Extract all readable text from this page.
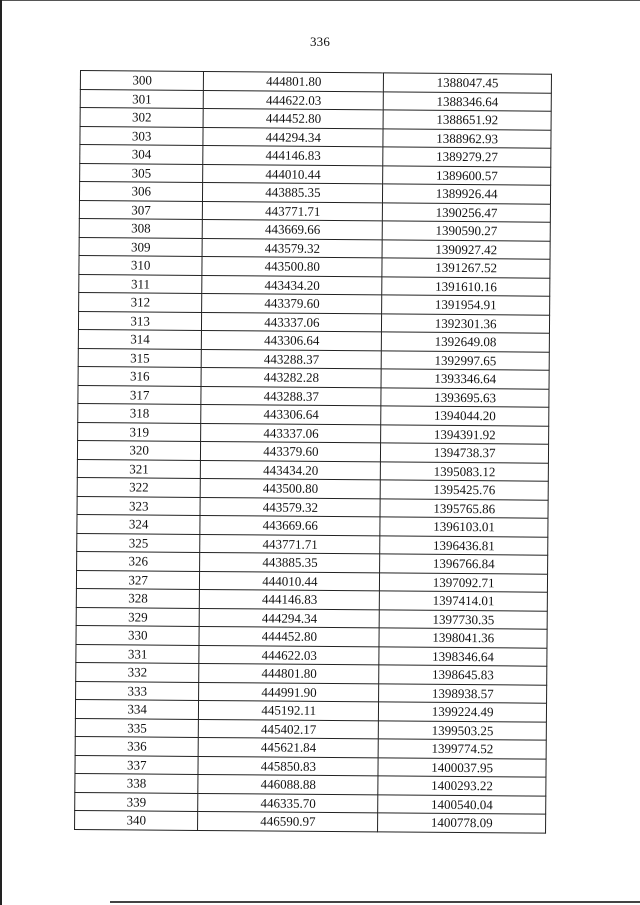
336
300	444801.80	1388047.45
301	444622.03	1388346.64
302	444452.80	1388651.92
303	444294.34	1388962.93
304	444146.83	1389279.27
305	444010.44	1389600.57
306	443885.35	1389926.44
307	443771.71	1390256.47
308	443669.66	1390590.27
309	443579.32	1390927.42
310	443500.80	1391267.52
311	443434.20	1391610.16
312	443379.60	1391954.91
313	443337.06	1392301.36
314	443306.64	1392649.08
315	443288.37	1392997.65
316	443282.28	1393346.64
317	443288.37	1393695.63
318	443306.64	1394044.20
319	443337.06	1394391.92
320	443379.60	1394738.37
321	443434.20	1395083.12
322	443500.80	1395425.76
323	443579.32	1395765.86
324	443669.66	1396103.01
325	443771.71	1396436.81
326	443885.35	1396766.84
327	444010.44	1397092.71
328	444146.83	1397414.01
329	444294.34	1397730.35
330	444452.80	1398041.36
331	444622.03	1398346.64
332	444801.80	1398645.83
333	444991.90	1398938.57
334	445192.11	1399224.49
335	445402.17	1399503.25
336	445621.84	1399774.52
337	445850.83	1400037.95
338	446088.88	1400293.22
339	446335.70	1400540.04
340	446590.97	1400778.09
